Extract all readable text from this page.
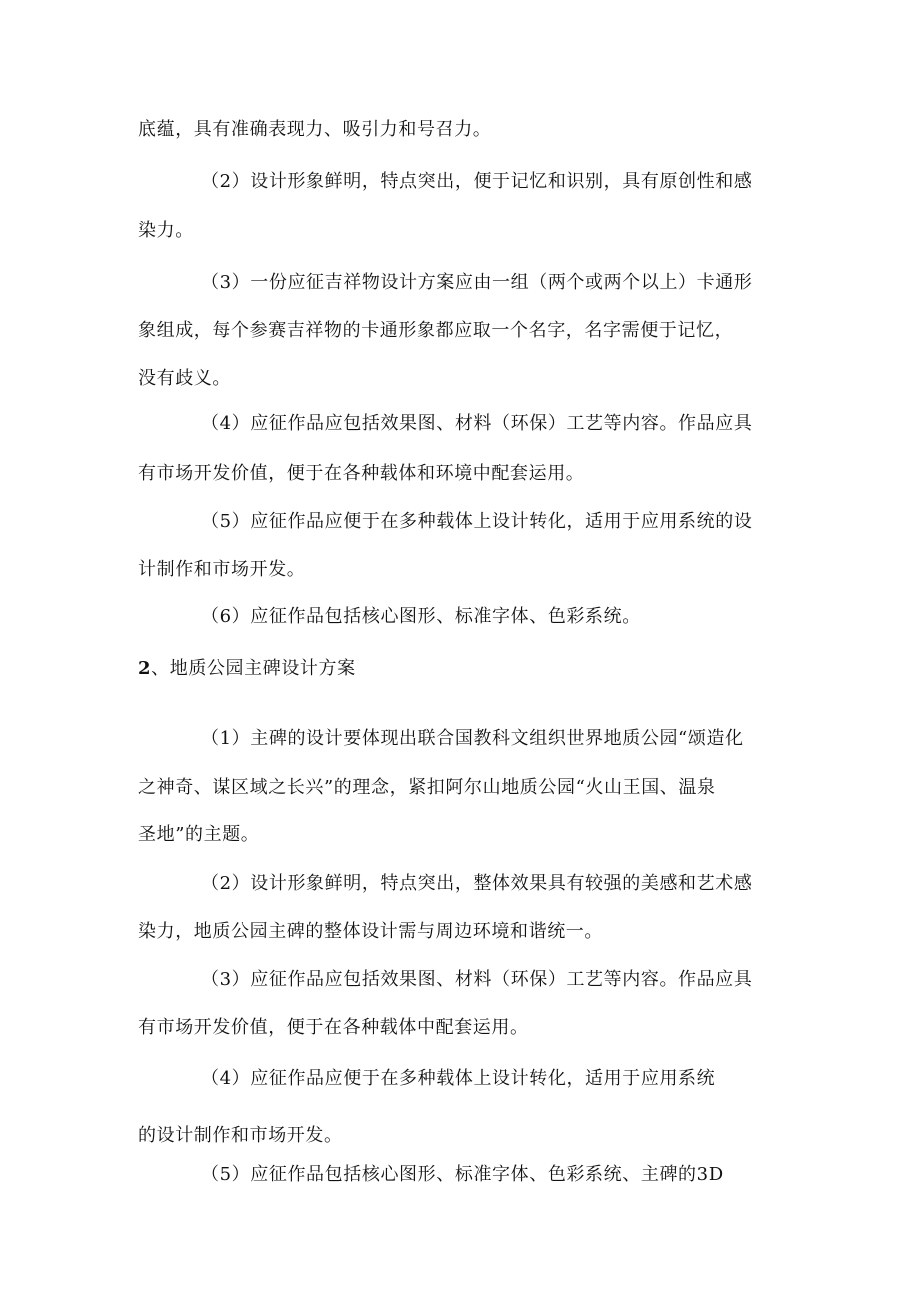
底蕴，具有准确表现力、吸引力和号召力。
（2）设计形象鲜明，特点突出，便于记忆和识别，具有原创性和感
染力。
（3）一份应征吉祥物设计方案应由一组（两个或两个以上）卡通形
象组成，每个参赛吉祥物的卡通形象都应取一个名字，名字需便于记忆，
没有歧义。
（4）应征作品应包括效果图、材料（环保）工艺等内容。作品应具
有市场开发价值，便于在各种载体和环境中配套运用。
（5）应征作品应便于在多种载体上设计转化，适用于应用系统的设
计制作和市场开发。
（6）应征作品包括核心图形、标准字体、色彩系统。
2、地质公园主碑设计方案
（1）主碑的设计要体现出联合国教科文组织世界地质公园“颂造化
之神奇、谋区域之长兴”的理念，紧扣阿尔山地质公园“火山王国、温泉
圣地”的主题。
（2）设计形象鲜明，特点突出，整体效果具有较强的美感和艺术感
染力，地质公园主碑的整体设计需与周边环境和谐统一。
（3）应征作品应包括效果图、材料（环保）工艺等内容。作品应具
有市场开发价值，便于在各种载体中配套运用。
（4）应征作品应便于在多种载体上设计转化，适用于应用系统
的设计制作和市场开发。
（5）应征作品包括核心图形、标准字体、色彩系统、主碑的3D
